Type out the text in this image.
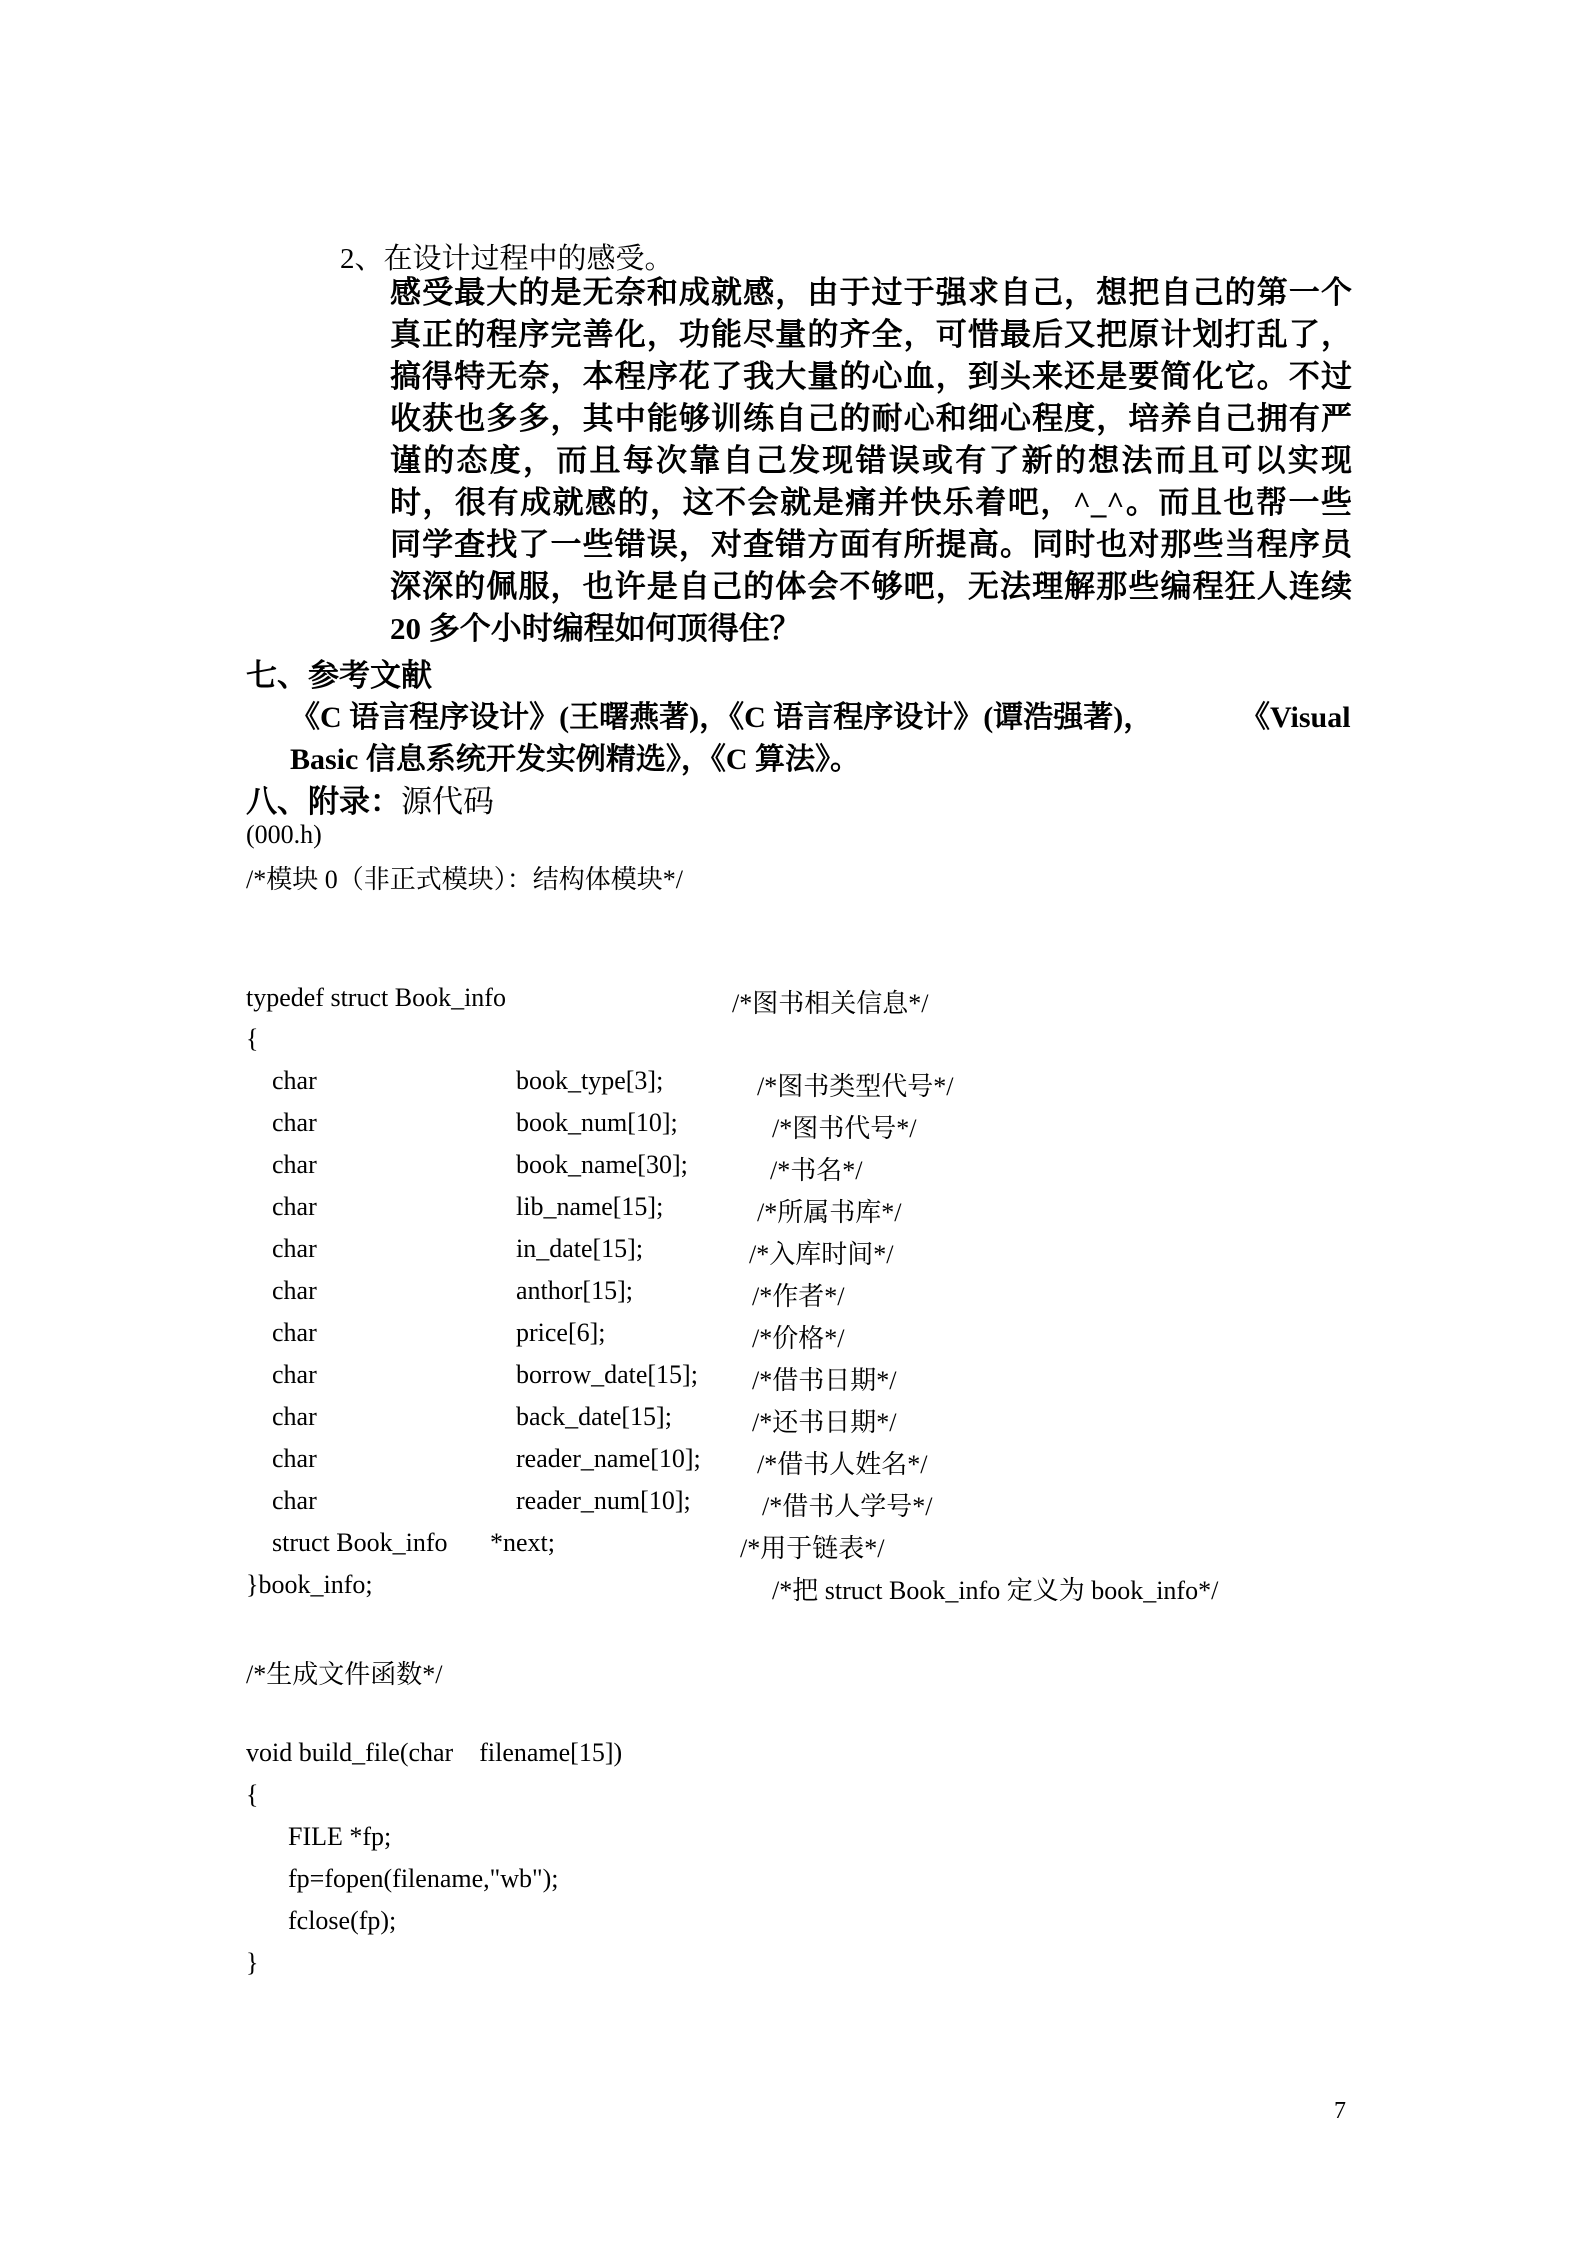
2、在设计过程中的感受。
感受最大的是无奈和成就感，由于过于强求自己，想把自己的第一个
真正的程序完善化，功能尽量的齐全，可惜最后又把原计划打乱了，
搞得特无奈，本程序花了我大量的心血，到头来还是要简化它。不过
收获也多多，其中能够训练自己的耐心和细心程度，培养自己拥有严
谨的态度，而且每次靠自己发现错误或有了新的想法而且可以实现
时，很有成就感的，这不会就是痛并快乐着吧，^_^。而且也帮一些
同学查找了一些错误，对查错方面有所提高。同时也对那些当程序员
深深的佩服，也许是自己的体会不够吧，无法理解那些编程狂人连续
20 多个小时编程如何顶得住？
七、参考文献
《C 语言程序设计》(王曙燕著)，《C 语言程序设计》(谭浩强著)，	《Visual
Basic 信息系统开发实例精选》，《C 算法》。
八、附录：源代码
(000.h)
/*模块 0（非正式模块）：结构体模块*/
typedef struct Book_info	/*图书相关信息*/
{
char	book_type[3];	/*图书类型代号*/
char	book_num[10];	/*图书代号*/
char	book_name[30];	/*书名*/
char	lib_name[15];	/*所属书库*/
char	in_date[15];	/*入库时间*/
char	anthor[15];	/*作者*/
char	price[6];	/*价格*/
char	borrow_date[15]; /*借书日期*/
char	back_date[15];	/*还书日期*/
char	reader_name[10]; /*借书人姓名*/
char	reader_num[10];	/*借书人学号*/
struct Book_info *next;	/*用于链表*/
}book_info;	/*把 struct Book_info 定义为 book_info*/
/*生成文件函数*/
void build_file(char    filename[15])
{
FILE *fp;
fp=fopen(filename,"wb");
fclose(fp);
}
7
